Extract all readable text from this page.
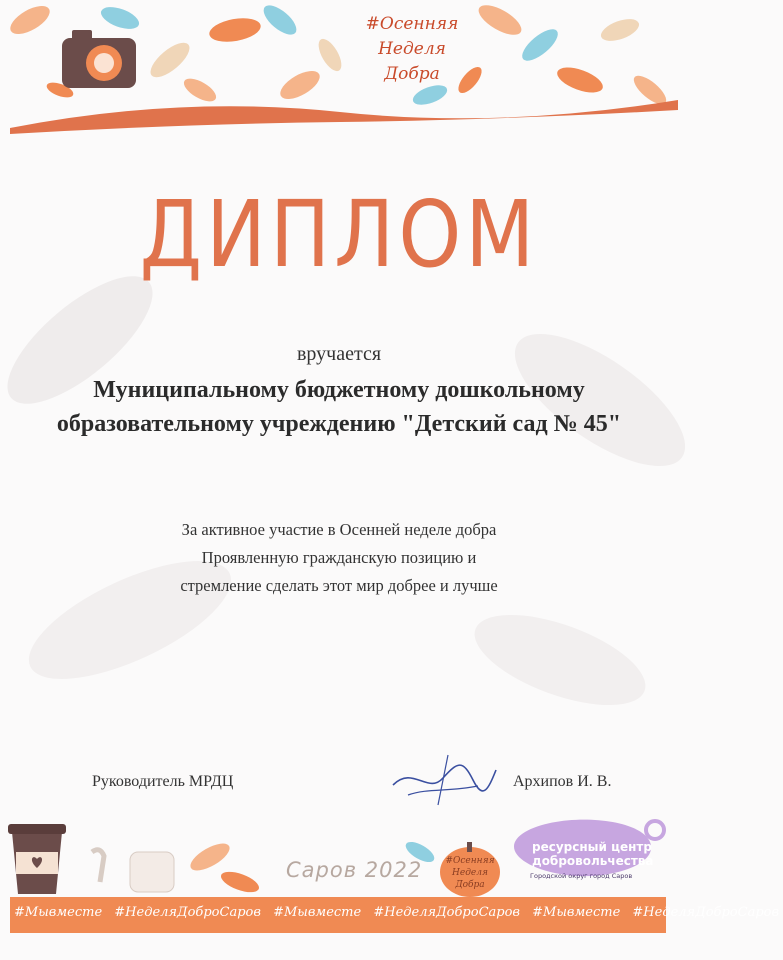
#Осенняя
Неделя
Добра
ДИПЛОМ
вручается
Муниципальному бюджетному дошкольному
образовательному учреждению "Детский сад № 45"
За активное участие в Осенней неделе добра
Проявленную гражданскую позицию и
стремление сделать этот мир добрее и лучше
Руководитель МРДЦ	Архипов И. В.
Саров 2022	#Осенняя
Неделя
Добра
ресурсный центр
добровольчества
Городской округ город Саров
#Мывместе #НеделяДоброСаров #Мывместе #НеделяДоброСаров #Мывместе #НеделяДоброСаров
